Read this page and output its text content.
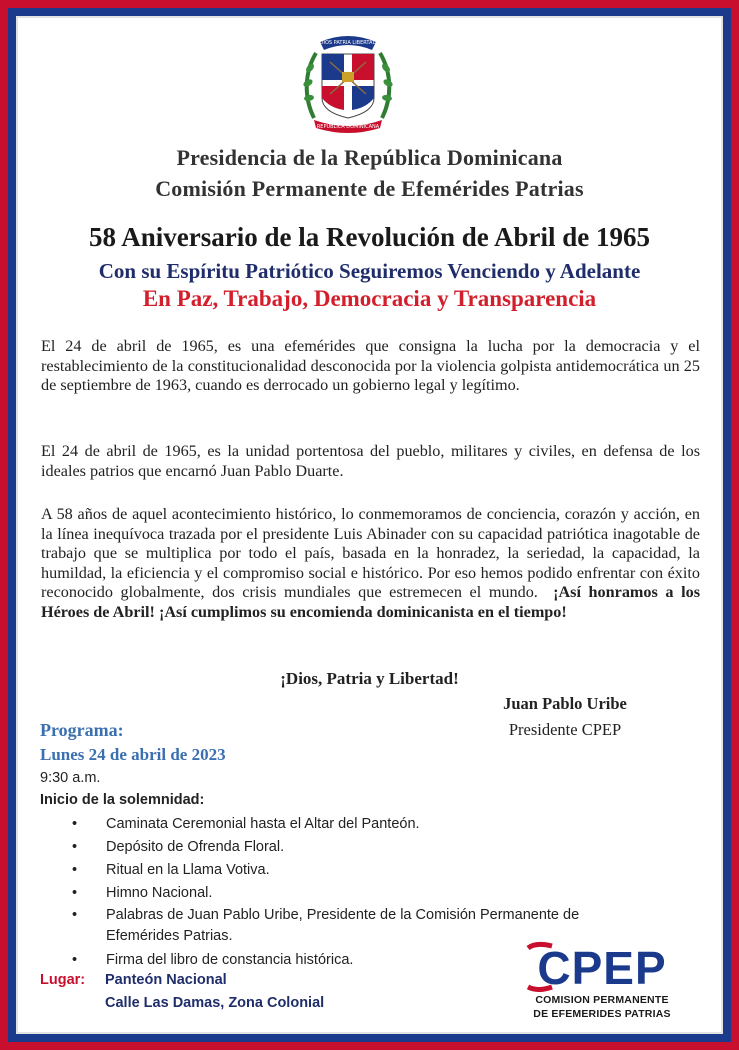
DIOS PATRIA LIBERTAD
REPÚBLICA DOMINICANA
Presidencia de la República Dominicana
Comisión Permanente de Efemérides Patrias
58 Aniversario de la Revolución de Abril de 1965
Con su Espíritu Patriótico Seguiremos Venciendo y Adelante
En Paz, Trabajo, Democracia y Transparencia

El 24 de abril de 1965, es una efemérides que consigna la lucha por la democracia y el restablecimiento de la constitucionalidad desconocida por la violencia golpista antidemocrática un 25 de septiembre de 1963, cuando es derrocado un gobierno legal y legítimo.

El 24 de abril de 1965, es la unidad portentosa del pueblo, militares y civiles, en defensa de los ideales patrios que encarnó Juan Pablo Duarte.

A 58 años de aquel acontecimiento histórico, lo conmemoramos de conciencia, corazón y acción, en la línea inequívoca trazada por el presidente Luis Abinader con su capacidad patriótica inagotable de trabajo que se multiplica por todo el país, basada en la honradez, la seriedad, la capacidad, la humildad, la eficiencia y el compromiso social e histórico. Por eso hemos podido enfrentar con éxito reconocido globalmente, dos crisis mundiales que estremecen el mundo. ¡Así honramos a los Héroes de Abril! ¡Así cumplimos su encomienda dominicanista en el tiempo!

¡Dios, Patria y Libertad!
Juan Pablo Uribe
Presidente CPEP
Programa:
Lunes 24 de abril de 2023
9:30 a.m.
Inicio de la solemnidad:
• Caminata Ceremonial hasta el Altar del Panteón.
• Depósito de Ofrenda Floral.
• Ritual en la Llama Votiva.
• Himno Nacional.
• Palabras de Juan Pablo Uribe, Presidente de la Comisión Permanente de Efemérides Patrias.
• Firma del libro de constancia histórica.
Lugar: Panteón Nacional
Calle Las Damas, Zona Colonial
CPEP
COMISION PERMANENTE
DE EFEMERIDES PATRIAS
